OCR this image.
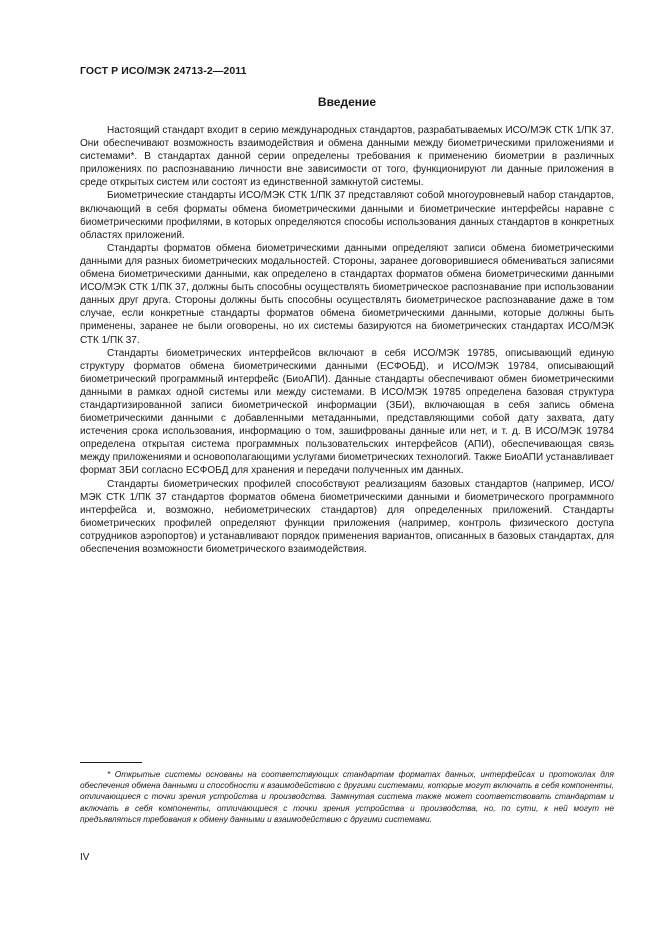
ГОСТ Р ИСО/МЭК 24713-2—2011
Введение

Настоящий стандарт входит в серию международных стандартов, разрабатываемых ИСО/МЭК СТК 1/ПК 37. Они обеспечивают возможность взаимодействия и обмена данными между биометрическими приложениями и системами*. В стандартах данной серии определены требования к применению биометрии в различных приложениях по распознаванию личности вне зависимости от того, функционируют ли данные приложения в среде открытых систем или состоят из единственной замкнутой системы.

Биометрические стандарты ИСО/МЭК СТК 1/ПК 37 представляют собой многоуровневый набор стандартов, включающий в себя форматы обмена биометрическими данными и биометрические интерфейсы наравне с биометрическими профилями, в которых определяются способы использования данных стандартов в конкретных областях приложений.

Стандарты форматов обмена биометрическими данными определяют записи обмена биометрическими данными для разных биометрических модальностей. Стороны, заранее договорившиеся обмениваться записями обмена биометрическими данными, как определено в стандартах форматов обмена биометрическими данными ИСО/МЭК СТК 1/ПК 37, должны быть способны осуществлять биометрическое распознавание при использовании данных друг друга. Стороны должны быть способны осуществлять биометрическое распознавание даже в том случае, если конкретные стандарты форматов обмена биометрическими данными, которые должны быть применены, заранее не были оговорены, но их системы базируются на биометрических стандартах ИСО/МЭК СТК 1/ПК 37.

Стандарты биометрических интерфейсов включают в себя ИСО/МЭК 19785, описывающий единую структуру форматов обмена биометрическими данными (ЕСФОБД), и ИСО/МЭК 19784, описывающий биометрический программный интерфейс (БиоАПИ). Данные стандарты обеспечивают обмен биометрическими данными в рамках одной системы или между системами. В ИСО/МЭК 19785 определена базовая структура стандартизированной записи биометрической информации (ЗБИ), включающая в себя запись обмена биометрическими данными с добавленными метаданными, представляющими собой дату захвата, дату истечения срока использования, информацию о том, зашифрованы данные или нет, и т. д. В ИСО/МЭК 19784 определена открытая система программных пользовательских интерфейсов (АПИ), обеспечивающая связь между приложениями и основополагающими услугами биометрических технологий. Также БиоАПИ устанавливает формат ЗБИ согласно ЕСФОБД для хранения и передачи полученных им данных.

Стандарты биометрических профилей способствуют реализациям базовых стандартов (например, ИСО/МЭК СТК 1/ПК 37 стандартов форматов обмена биометрическими данными и биометрического программного интерфейса и, возможно, небиометрических стандартов) для определенных приложений. Стандарты биометрических профилей определяют функции приложения (например, контроль физического доступа сотрудников аэропортов) и устанавливают порядок применения вариантов, описанных в базовых стандартах, для обеспечения возможности биометрического взаимодействия.

* Открытые системы основаны на соответствующих стандартам форматах данных, интерфейсах и протоколах для обеспечения обмена данными и способности к взаимодействию с другими системами, которые могут включать в себя компоненты, отличающиеся с точки зрения устройства и производства. Замкнутая система также может соответствовать стандартам и включать в себя компоненты, отличающиеся с точки зрения устройства и производства, но, по сути, к ней могут не предъявляться требования к обмену данными и взаимодействию с другими системами.

IV
